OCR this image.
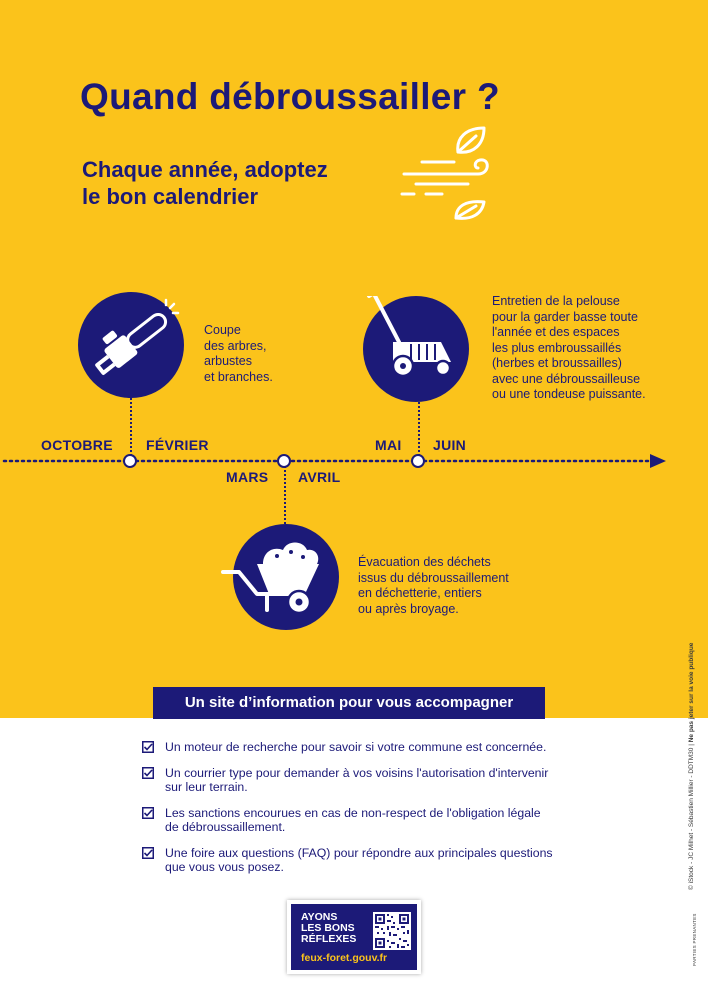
Quand débroussailler ?
Chaque année, adoptez
le bon calendrier
OCTOBRE FÉVRIER
MARS AVRIL
MAI JUIN
Coupe
des arbres,
arbustes
et branches.
Entretien de la pelouse
pour la garder basse toute
l'année et des espaces
les plus embroussaillés
(herbes et broussailles)
avec une débroussailleuse
ou une tondeuse puissante.
Évacuation des déchets
issus du débroussaillement
en déchetterie, entiers
ou après broyage.
Un site d’information pour vous accompagner
Un moteur de recherche pour savoir si votre commune est concernée.
Un courrier type pour demander à vos voisins l'autorisation d'intervenir
sur leur terrain.
Les sanctions encourues en cas de non-respect de l'obligation légale
de débroussaillement.
Une foire aux questions (FAQ) pour répondre aux principales questions
que vous vous posez.
AYONS
LES BONS
RÉFLEXES
feux-foret.gouv.fr
© iStock - JC Milhet - Sébastien Millier - DDTM30 | Ne pas jeter sur la voie publique
PARTIES PRENANTES
